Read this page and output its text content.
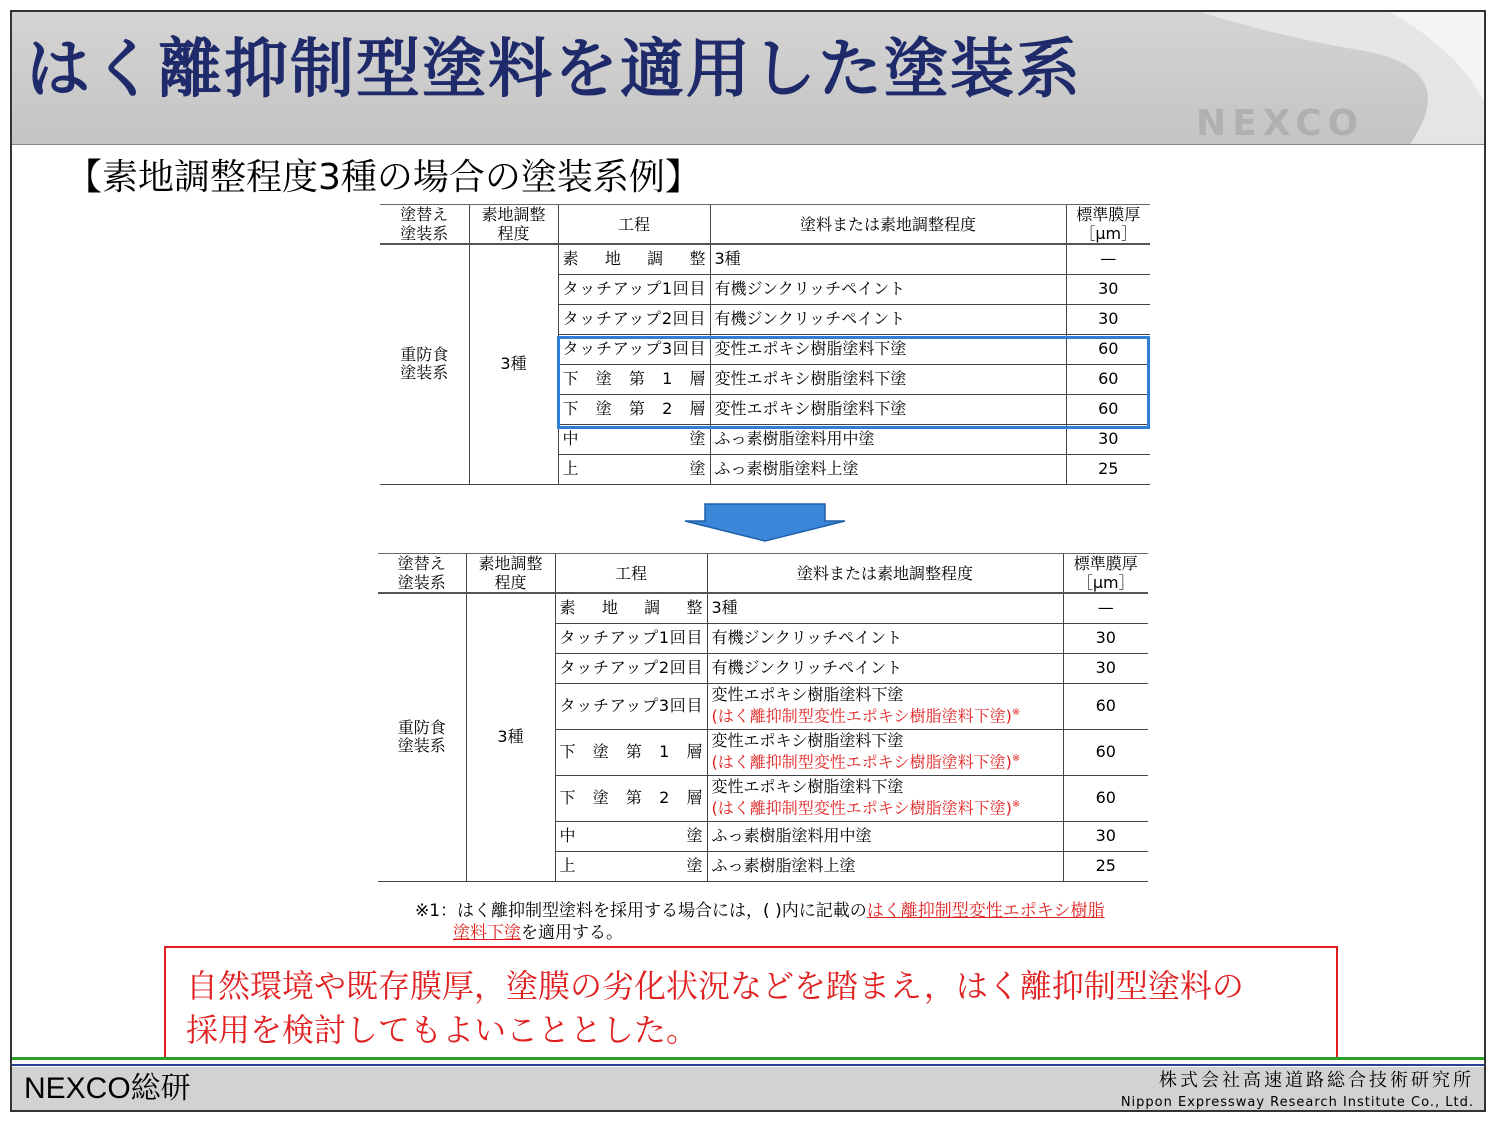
NEXCO
はく離抑制型塗料を適用した塗装系
【素地調整程度3種の場合の塗装系例】
塗替え
塗装系	素地調整
程度	工程	塗料または素地調整程度	標準膜厚
［μm］
重防食
塗装系	3種	素　地　調　整	3種	—
		タッチアップ1回目	有機ジンクリッチペイント	30
		タッチアップ2回目	有機ジンクリッチペイント	30
		タッチアップ3回目	変性エポキシ樹脂塗料下塗	60
		下　塗　第　1　層	変性エポキシ樹脂塗料下塗	60
		下　塗　第　2　層	変性エポキシ樹脂塗料下塗	60
		中　　　　　　塗	ふっ素樹脂塗料用中塗	30
		上　　　　　　塗	ふっ素樹脂塗料上塗	25
塗替え
塗装系	素地調整
程度	工程	塗料または素地調整程度	標準膜厚
［μm］
重防食
塗装系	3種	素　地　調　整	3種	—
		タッチアップ1回目	有機ジンクリッチペイント	30
		タッチアップ2回目	有機ジンクリッチペイント	30
		タッチアップ3回目	変性エポキシ樹脂塗料下塗
(はく離抑制型変性エポキシ樹脂塗料下塗)※	60
		下　塗　第　1　層	変性エポキシ樹脂塗料下塗
(はく離抑制型変性エポキシ樹脂塗料下塗)※	60
		下　塗　第　2　層	変性エポキシ樹脂塗料下塗
(はく離抑制型変性エポキシ樹脂塗料下塗)※	60
		中　　　　　　塗	ふっ素樹脂塗料用中塗	30
		上　　　　　　塗	ふっ素樹脂塗料上塗	25
※1：はく離抑制型塗料を採用する場合には，( )内に記載のはく離抑制型変性エポキシ樹脂
塗料下塗を適用する。
自然環境や既存膜厚，塗膜の劣化状況などを踏まえ，はく離抑制型塗料の
採用を検討してもよいこととした。
NEXCO総研	株式会社高速道路総合技術研究所
Nippon Expressway Research Institute Co., Ltd.
